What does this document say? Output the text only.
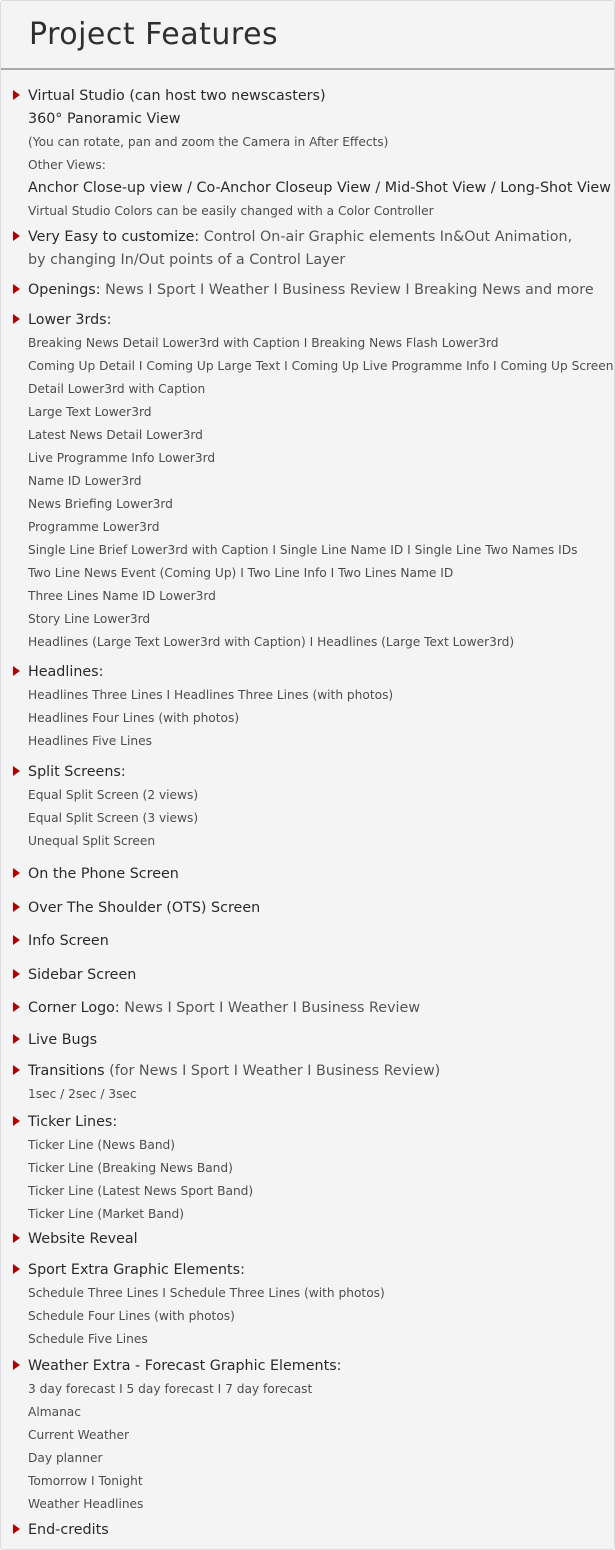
Project Features
Virtual Studio (can host two newscasters)
360° Panoramic View
(You can rotate, pan and zoom the Camera in After Effects)
Other Views:
Anchor Close-up view / Co-Anchor Closeup View / Mid-Shot View / Long-Shot View
Virtual Studio Colors can be easily changed with a Color Controller
Very Easy to customize: Control On-air Graphic elements In&Out Animation,
by changing In/Out points of a Control Layer
Openings: News I Sport I Weather I Business Review I Breaking News and more
Lower 3rds:
Breaking News Detail Lower3rd with Caption I Breaking News Flash Lower3rd
Coming Up Detail I Coming Up Large Text I Coming Up Live Programme Info I Coming Up Screen
Detail Lower3rd with Caption
Large Text Lower3rd
Latest News Detail Lower3rd
Live Programme Info Lower3rd
Name ID Lower3rd
News Briefing Lower3rd
Programme Lower3rd
Single Line Brief Lower3rd with Caption I Single Line Name ID I Single Line Two Names IDs
Two Line News Event (Coming Up) I Two Line Info I Two Lines Name ID
Three Lines Name ID Lower3rd
Story Line Lower3rd
Headlines (Large Text Lower3rd with Caption) I Headlines (Large Text Lower3rd)
Headlines:
Headlines Three Lines I Headlines Three Lines (with photos)
Headlines Four Lines (with photos)
Headlines Five Lines
Split Screens:
Equal Split Screen (2 views)
Equal Split Screen (3 views)
Unequal Split Screen
On the Phone Screen
Over The Shoulder (OTS) Screen
Info Screen
Sidebar Screen
Corner Logo: News I Sport I Weather I Business Review
Live Bugs
Transitions (for News I Sport I Weather I Business Review)
1sec / 2sec / 3sec
Ticker Lines:
Ticker Line (News Band)
Ticker Line (Breaking News Band)
Ticker Line (Latest News Sport Band)
Ticker Line (Market Band)
Website Reveal
Sport Extra Graphic Elements:
Schedule Three Lines I Schedule Three Lines (with photos)
Schedule Four Lines (with photos)
Schedule Five Lines
Weather Extra - Forecast Graphic Elements:
3 day forecast I 5 day forecast I 7 day forecast
Almanac
Current Weather
Day planner
Tomorrow I Tonight
Weather Headlines
End-credits
